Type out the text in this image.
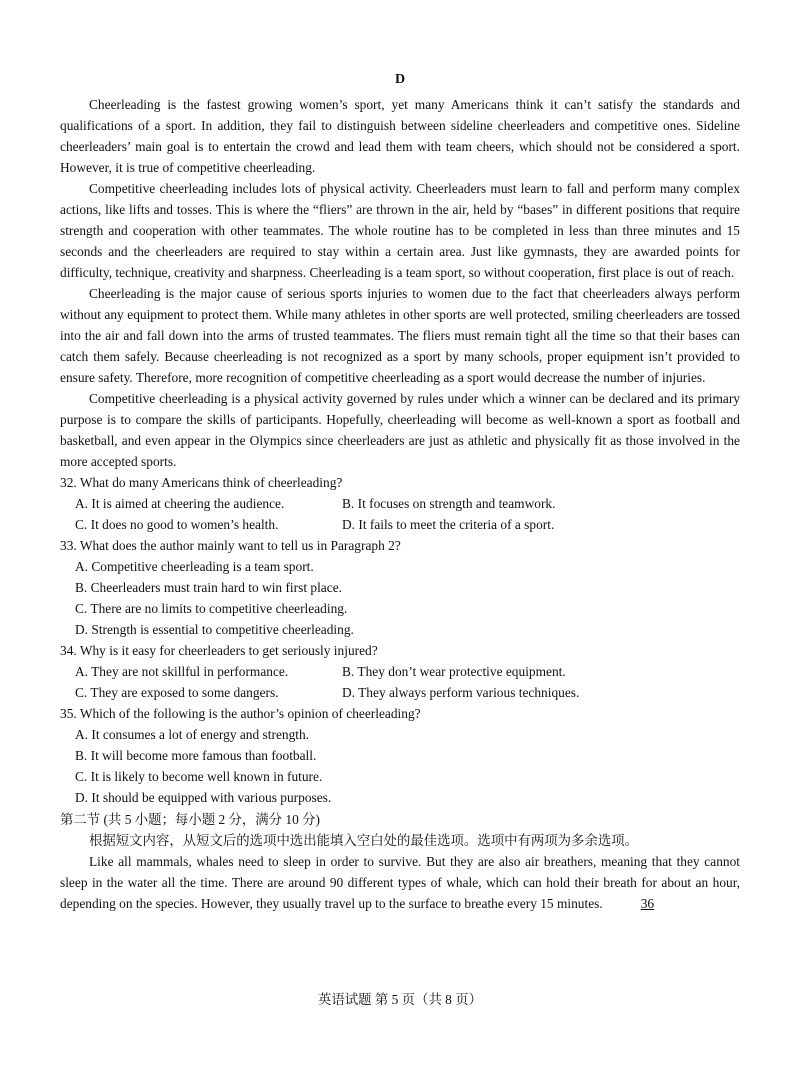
D

Cheerleading is the fastest growing women’s sport, yet many Americans think it can’t satisfy the standards and qualifications of a sport. In addition, they fail to distinguish between sideline cheerleaders and competitive ones. Sideline cheerleaders’ main goal is to entertain the crowd and lead them with team cheers, which should not be considered a sport. However, it is true of competitive cheerleading.

Competitive cheerleading includes lots of physical activity. Cheerleaders must learn to fall and perform many complex actions, like lifts and tosses. This is where the “fliers” are thrown in the air, held by “bases” in different positions that require strength and cooperation with other teammates. The whole routine has to be completed in less than three minutes and 15 seconds and the cheerleaders are required to stay within a certain area. Just like gymnasts, they are awarded points for difficulty, technique, creativity and sharpness. Cheerleading is a team sport, so without cooperation, first place is out of reach.

Cheerleading is the major cause of serious sports injuries to women due to the fact that cheerleaders always perform without any equipment to protect them. While many athletes in other sports are well protected, smiling cheerleaders are tossed into the air and fall down into the arms of trusted teammates. The fliers must remain tight all the time so that their bases can catch them safely. Because cheerleading is not recognized as a sport by many schools, proper equipment isn’t provided to ensure safety. Therefore, more recognition of competitive cheerleading as a sport would decrease the number of injuries.

Competitive cheerleading is a physical activity governed by rules under which a winner can be declared and its primary purpose is to compare the skills of participants. Hopefully, cheerleading will become as well-known a sport as football and basketball, and even appear in the Olympics since cheerleaders are just as athletic and physically fit as those involved in the more accepted sports.

32. What do many Americans think of cheerleading?

A. It is aimed at cheering the audience.	B. It focuses on strength and teamwork.
C. It does no good to women’s health.	D. It fails to meet the criteria of a sport.

33. What does the author mainly want to tell us in Paragraph 2?

A. Competitive cheerleading is a team sport.
B. Cheerleaders must train hard to win first place.
C. There are no limits to competitive cheerleading.
D. Strength is essential to competitive cheerleading.

34. Why is it easy for cheerleaders to get seriously injured?

A. They are not skillful in performance.	B. They don’t wear protective equipment.
C. They are exposed to some dangers.	D. They always perform various techniques.

35. Which of the following is the author’s opinion of cheerleading?

A. It consumes a lot of energy and strength.
B. It will become more famous than football.
C. It is likely to become well known in future.
D. It should be equipped with various purposes.

第二节 (共 5 小题；每小题 2 分，满分 10 分)

根据短文内容，从短文后的选项中选出能填入空白处的最佳选项。选项中有两项为多余选项。

Like all mammals, whales need to sleep in order to survive. But they are also air breathers, meaning that they cannot sleep in the water all the time. There are around 90 different types of whale, which can hold their breath for about an hour, depending on the species. However, they usually travel up to the surface to breathe every 15 minutes.	36

英语试题 第 5 页（共 8 页）
